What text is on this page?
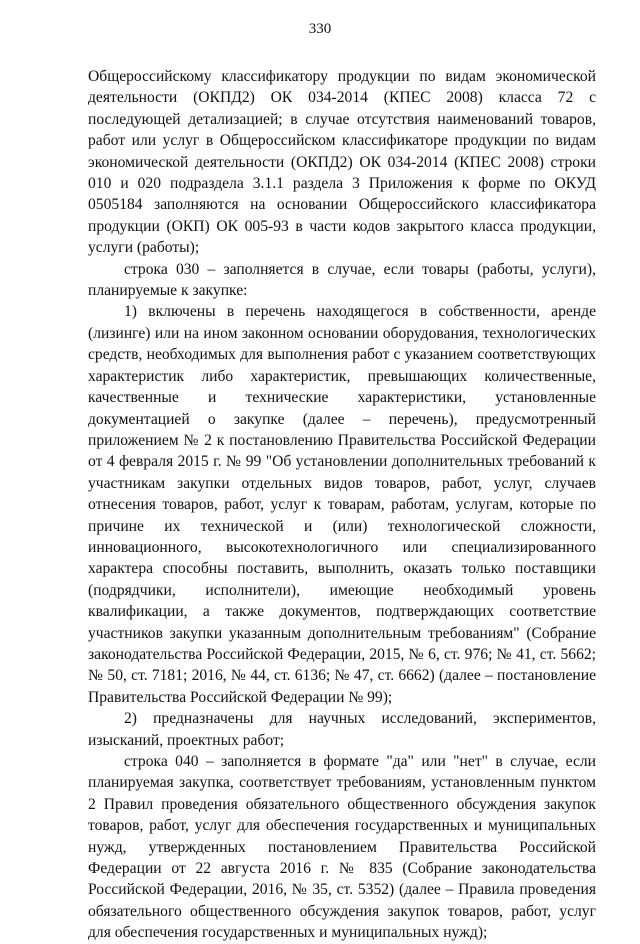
330

Общероссийскому классификатору продукции по видам экономической деятельности (ОКПД2) ОК 034-2014 (КПЕС 2008) класса 72 с последующей детализацией; в случае отсутствия наименований товаров, работ или услуг в Общероссийском классификаторе продукции по видам экономической деятельности (ОКПД2) ОК 034-2014 (КПЕС 2008) строки 010 и 020 подраздела 3.1.1 раздела 3 Приложения к форме по ОКУД 0505184 заполняются на основании Общероссийского классификатора продукции (ОКП) ОК 005-93 в части кодов закрытого класса продукции, услуги (работы);

строка 030 – заполняется в случае, если товары (работы, услуги), планируемые к закупке:

1) включены в перечень находящегося в собственности, аренде (лизинге) или на ином законном основании оборудования, технологических средств, необходимых для выполнения работ с указанием соответствующих характеристик либо характеристик, превышающих количественные, качественные и технические характеристики, установленные документацией о закупке (далее – перечень), предусмотренный приложением № 2 к постановлению Правительства Российской Федерации от 4 февраля 2015 г. № 99 "Об установлении дополнительных требований к участникам закупки отдельных видов товаров, работ, услуг, случаев отнесения товаров, работ, услуг к товарам, работам, услугам, которые по причине их технической и (или) технологической сложности, инновационного, высокотехнологичного или специализированного характера способны поставить, выполнить, оказать только поставщики (подрядчики, исполнители), имеющие необходимый уровень квалификации, а также документов, подтверждающих соответствие участников закупки указанным дополнительным требованиям" (Собрание законодательства Российской Федерации, 2015, № 6, ст. 976; № 41, ст. 5662; № 50, ст. 7181; 2016, № 44, ст. 6136; № 47, ст. 6662) (далее – постановление Правительства Российской Федерации № 99);

2) предназначены для научных исследований, экспериментов, изысканий, проектных работ;

строка 040 – заполняется в формате "да" или "нет" в случае, если планируемая закупка, соответствует требованиям, установленным пунктом 2 Правил проведения обязательного общественного обсуждения закупок товаров, работ, услуг для обеспечения государственных и муниципальных нужд, утвержденных постановлением Правительства Российской Федерации от 22 августа 2016 г. № 835 (Собрание законодательства Российской Федерации, 2016, № 35, ст. 5352) (далее – Правила проведения обязательного общественного обсуждения закупок товаров, работ, услуг для обеспечения государственных и муниципальных нужд);
